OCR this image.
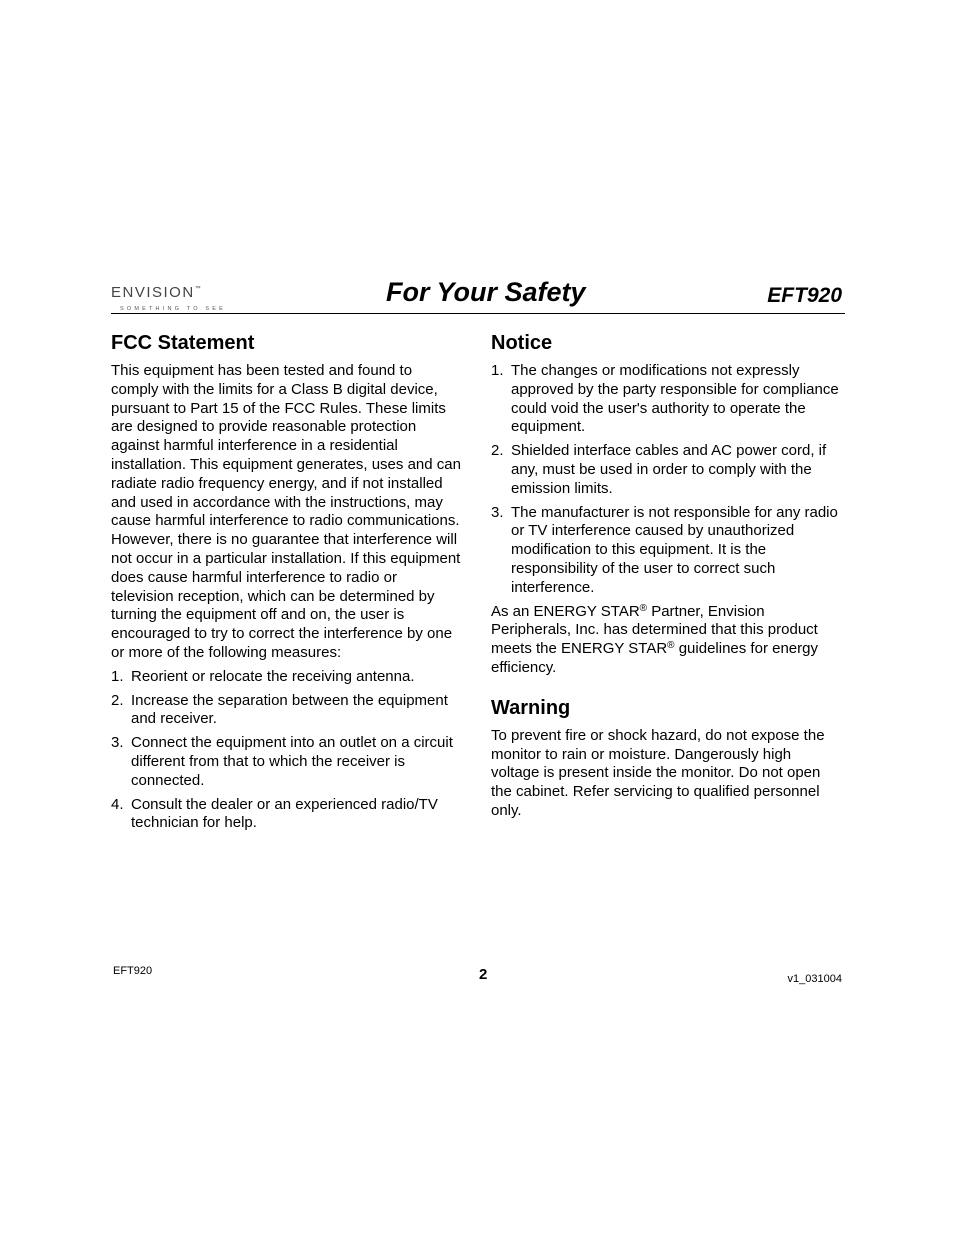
ENVISION™
SOMETHING TO SEE
For Your Safety	EFT920
FCC Statement

This equipment has been tested and found to comply with the limits for a Class B digital device, pursuant to Part 15 of the FCC Rules. These limits are designed to provide reasonable protection against harmful interference in a residential installation. This equipment generates, uses and can radiate radio frequency energy, and if not installed and used in accordance with the instructions, may cause harmful interference to radio communications. However, there is no guarantee that interference will not occur in a particular installation. If this equipment does cause harmful interference to radio or television reception, which can be determined by turning the equipment off and on, the user is encouraged to try to correct the interference by one or more of the following measures:

1. Reorient or relocate the receiving antenna.
2. Increase the separation between the equipment and receiver.
3. Connect the equipment into an outlet on a circuit different from that to which the receiver is connected.
4. Consult the dealer or an experienced radio/TV technician for help.
Notice
1. The changes or modifications not expressly approved by the party responsible for compliance could void the user's authority to operate the equipment.
2. Shielded interface cables and AC power cord, if any, must be used in order to comply with the emission limits.
3. The manufacturer is not responsible for any radio or TV interference caused by unauthorized modification to this equipment. It is the responsibility of the user to correct such interference.

As an ENERGY STAR® Partner, Envision Peripherals, Inc. has determined that this product meets the ENERGY STAR® guidelines for energy efficiency.

Warning

To prevent fire or shock hazard, do not expose the monitor to rain or moisture. Dangerously high voltage is present inside the monitor. Do not open the cabinet. Refer servicing to qualified personnel only.

EFT920	2	v1_031004
